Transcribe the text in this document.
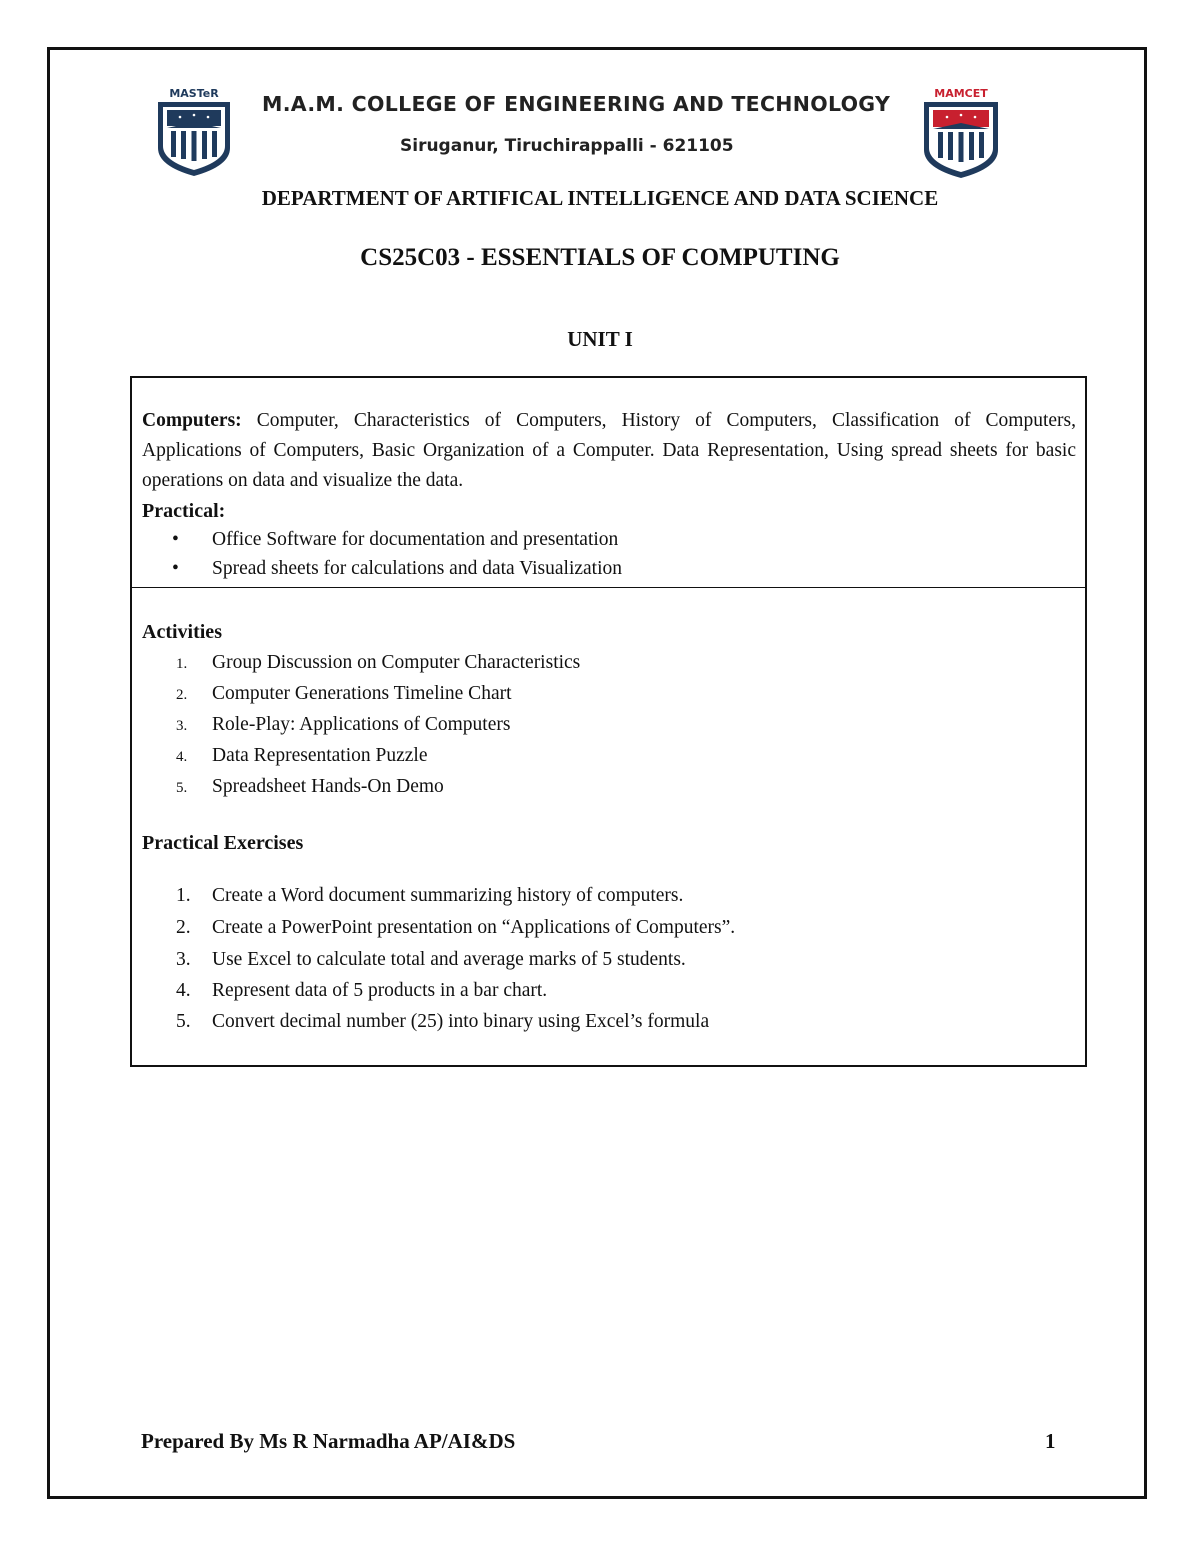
MASTeR M.A.M. COLLEGE OF ENGINEERING AND TECHNOLOGY
Siruganur, Tiruchirappalli - 621105
MAMCET
DEPARTMENT OF ARTIFICAL INTELLIGENCE AND DATA SCIENCE
CS25C03 - ESSENTIALS OF COMPUTING
UNIT I
Computers: Computer, Characteristics of Computers, History of Computers, Classification of Computers, Applications of Computers, Basic Organization of a Computer. Data Representation, Using spread sheets for basic operations on data and visualize the data.
Practical:
• Office Software for documentation and presentation
• Spread sheets for calculations and data Visualization
Activities
1. Group Discussion on Computer Characteristics
2. Computer Generations Timeline Chart
3. Role-Play: Applications of Computers
4. Data Representation Puzzle
5. Spreadsheet Hands-On Demo
Practical Exercises
1. Create a Word document summarizing history of computers.
2. Create a PowerPoint presentation on “Applications of Computers”.
3. Use Excel to calculate total and average marks of 5 students.
4. Represent data of 5 products in a bar chart.
5. Convert decimal number (25) into binary using Excel’s formula
Prepared By Ms R Narmadha AP/AI&DS	1
